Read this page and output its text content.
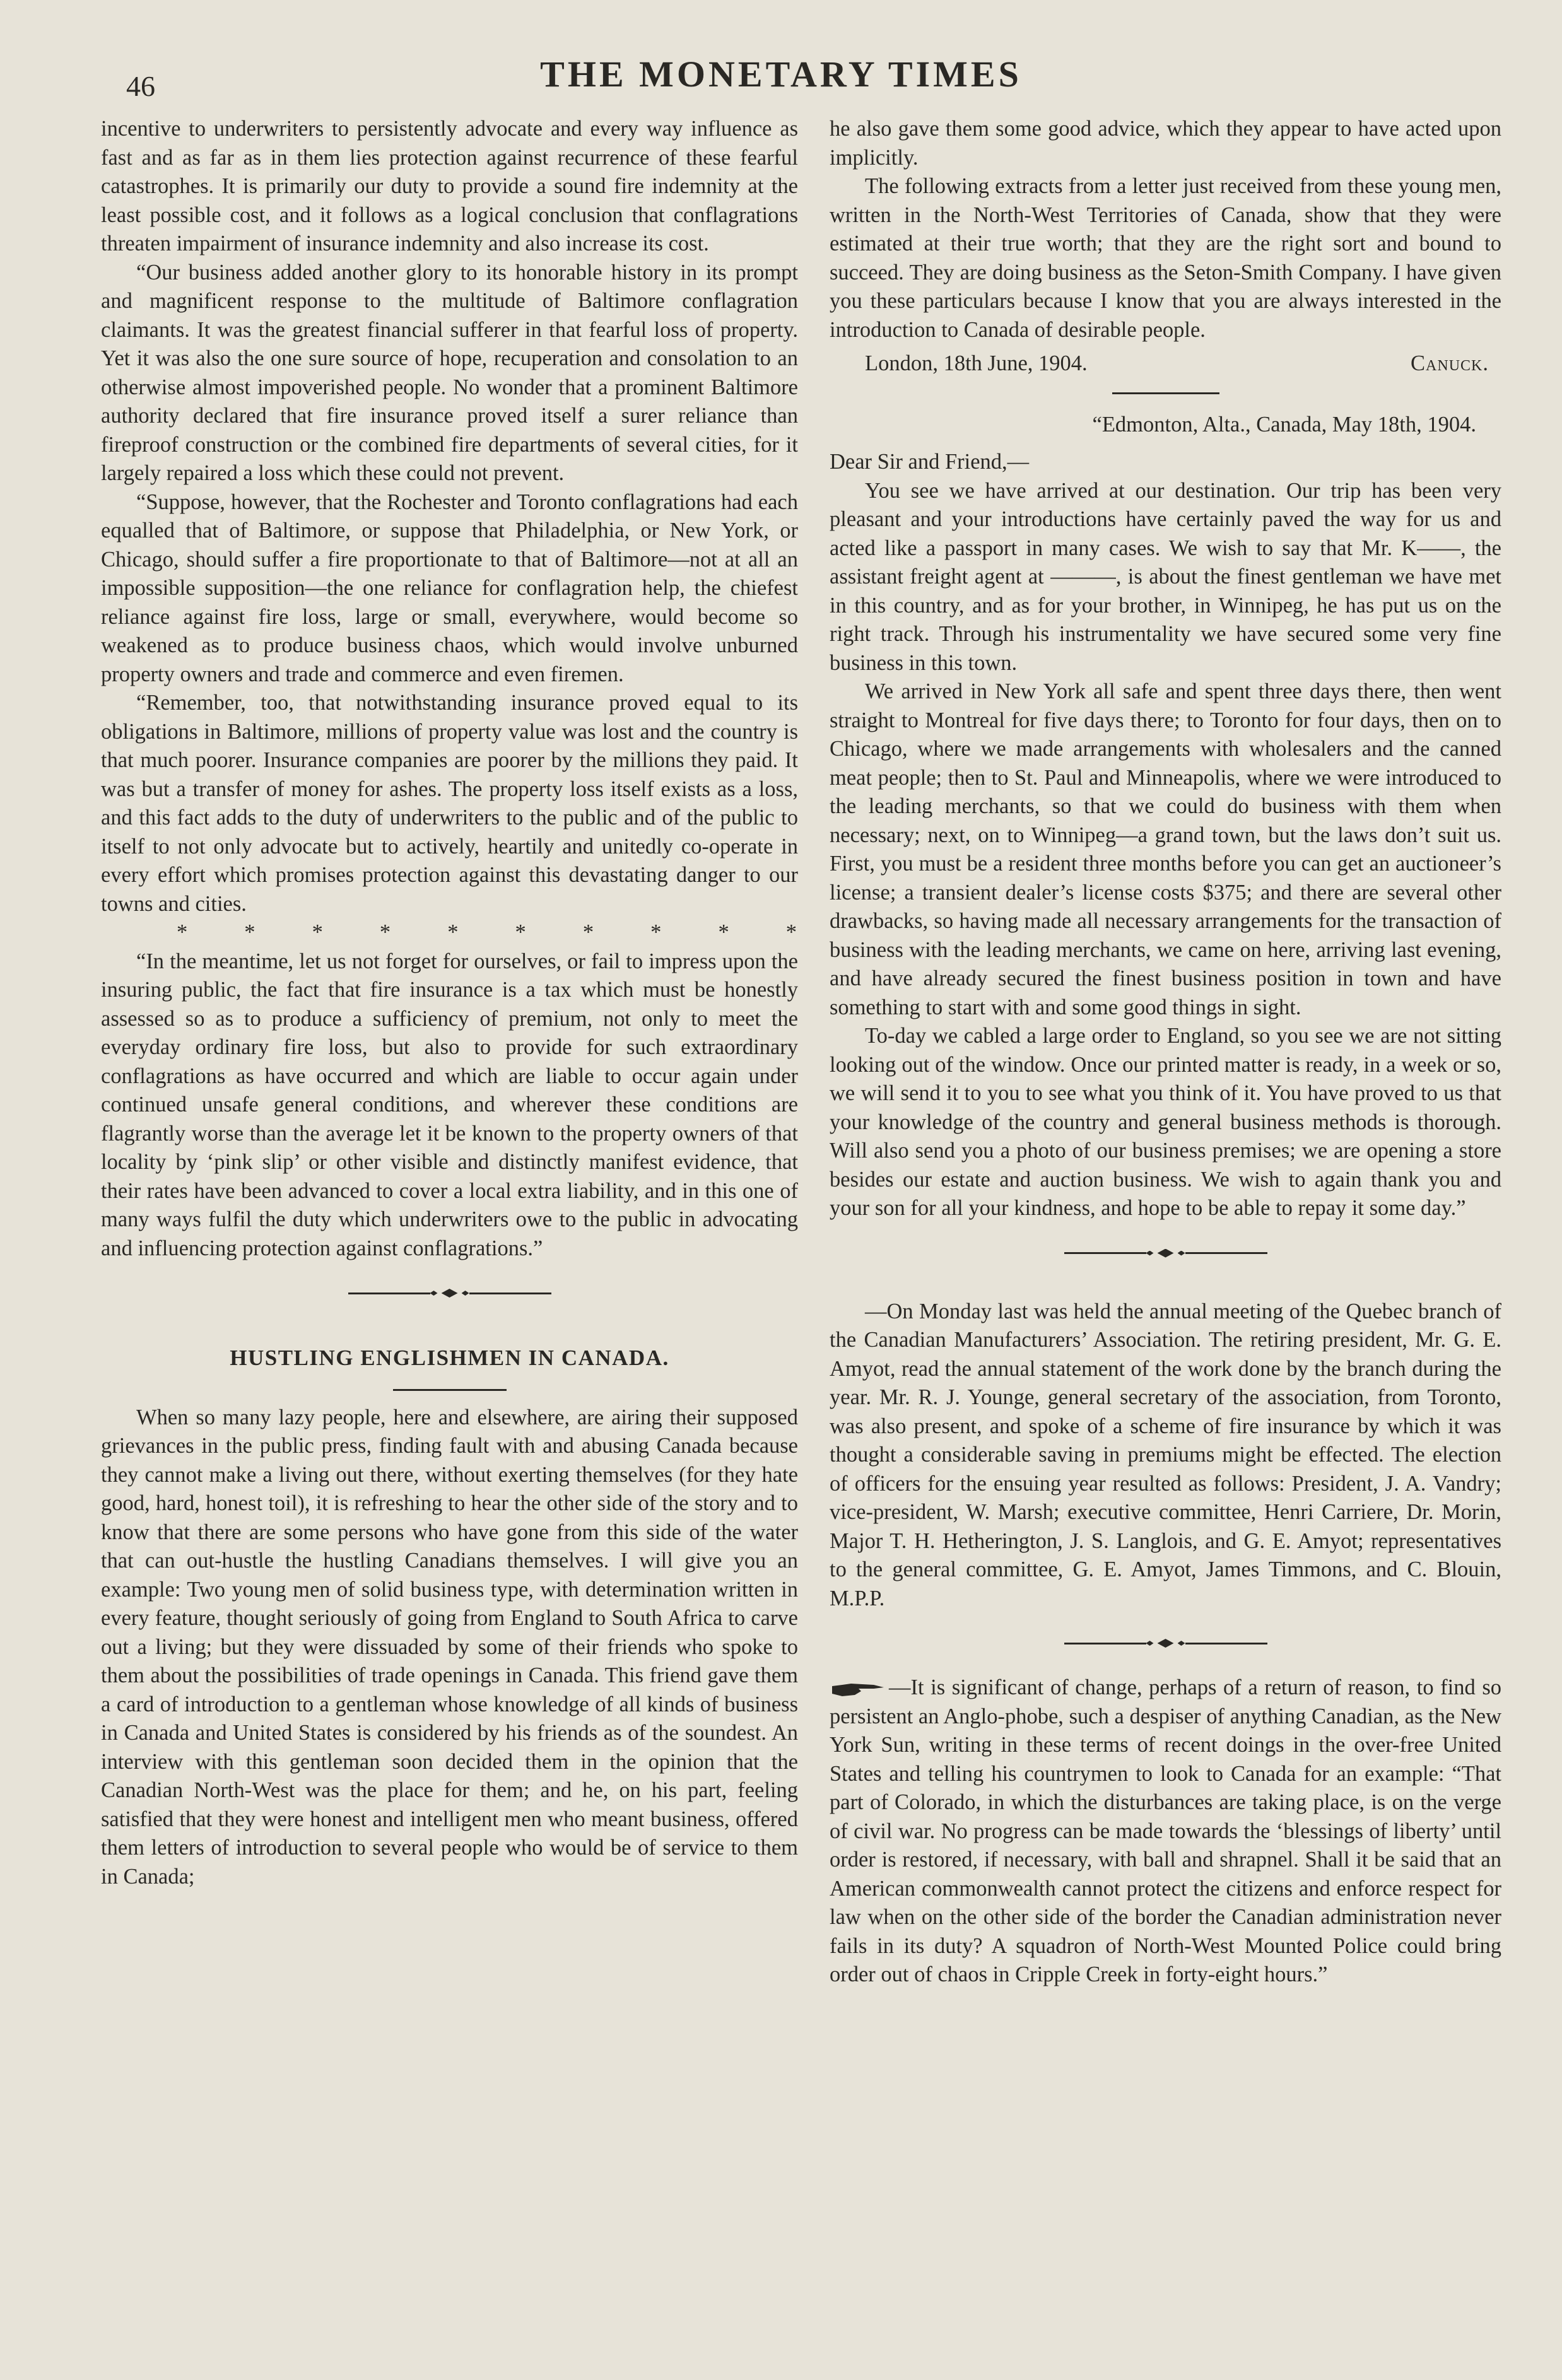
46	THE MONETARY TIMES

incentive to underwriters to persistently advocate and every way influence as fast and as far as in them lies protection against recurrence of these fearful catastrophes. It is primarily our duty to provide a sound fire indemnity at the least possible cost, and it follows as a logical conclusion that conflagrations threaten impairment of insurance indemnity and also increase its cost.

“Our business added another glory to its honorable history in its prompt and magnificent response to the multitude of Baltimore conflagration claimants. It was the greatest financial sufferer in that fearful loss of property. Yet it was also the one sure source of hope, recuperation and consolation to an otherwise almost impoverished people. No wonder that a prominent Baltimore authority declared that fire insurance proved itself a surer reliance than fireproof construction or the combined fire departments of several cities, for it largely repaired a loss which these could not prevent.

“Suppose, however, that the Rochester and Toronto conflagrations had each equalled that of Baltimore, or suppose that Philadelphia, or New York, or Chicago, should suffer a fire proportionate to that of Baltimore—not at all an impossible supposition—the one reliance for conflagration help, the chiefest reliance against fire loss, large or small, everywhere, would become so weakened as to produce business chaos, which would involve unburned property owners and trade and commerce and even firemen.

“Remember, too, that notwithstanding insurance proved equal to its obligations in Baltimore, millions of property value was lost and the country is that much poorer. Insurance companies are poorer by the millions they paid. It was but a transfer of money for ashes. The property loss itself exists as a loss, and this fact adds to the duty of underwriters to the public and of the public to itself to not only advocate but to actively, heartily and unitedly co-operate in every effort which promises protection against this devastating danger to our towns and cities.

* * * * * * * * * *

“In the meantime, let us not forget for ourselves, or fail to impress upon the insuring public, the fact that fire insurance is a tax which must be honestly assessed so as to produce a sufficiency of premium, not only to meet the everyday ordinary fire loss, but also to provide for such extraordinary conflagrations as have occurred and which are liable to occur again under continued unsafe general conditions, and wherever these conditions are flagrantly worse than the average let it be known to the property owners of that locality by ‘pink slip’ or other visible and distinctly manifest evidence, that their rates have been advanced to cover a local extra liability, and in this one of many ways fulfil the duty which underwriters owe to the public in advocating and influencing protection against conflagrations.”

HUSTLING ENGLISHMEN IN CANADA.

When so many lazy people, here and elsewhere, are airing their supposed grievances in the public press, finding fault with and abusing Canada because they cannot make a living out there, without exerting themselves (for they hate good, hard, honest toil), it is refreshing to hear the other side of the story and to know that there are some persons who have gone from this side of the water that can out-hustle the hustling Canadians themselves. I will give you an example: Two young men of solid business type, with determination written in every feature, thought seriously of going from England to South Africa to carve out a living; but they were dissuaded by some of their friends who spoke to them about the possibilities of trade openings in Canada. This friend gave them a card of introduction to a gentleman whose knowledge of all kinds of business in Canada and United States is considered by his friends as of the soundest. An interview with this gentleman soon decided them in the opinion that the Canadian North-West was the place for them; and he, on his part, feeling satisfied that they were honest and intelligent men who meant business, offered them letters of introduction to several people who would be of service to them in Canada;

he also gave them some good advice, which they appear to have acted upon implicitly.

The following extracts from a letter just received from these young men, written in the North-West Territories of Canada, show that they were estimated at their true worth; that they are the right sort and bound to succeed. They are doing business as the Seton-Smith Company. I have given you these particulars because I know that you are always interested in the introduction to Canada of desirable people.

London, 18th June, 1904.	Canuck.
“Edmonton, Alta., Canada, May 18th, 1904.

Dear Sir and Friend,—

You see we have arrived at our destination. Our trip has been very pleasant and your introductions have certainly paved the way for us and acted like a passport in many cases. We wish to say that Mr. K——, the assistant freight agent at ———, is about the finest gentleman we have met in this country, and as for your brother, in Winnipeg, he has put us on the right track. Through his instrumentality we have secured some very fine business in this town.

We arrived in New York all safe and spent three days there, then went straight to Montreal for five days there; to Toronto for four days, then on to Chicago, where we made arrangements with wholesalers and the canned meat people; then to St. Paul and Minneapolis, where we were introduced to the leading merchants, so that we could do business with them when necessary; next, on to Winnipeg—a grand town, but the laws don’t suit us. First, you must be a resident three months before you can get an auctioneer’s license; a transient dealer’s license costs $375; and there are several other drawbacks, so having made all necessary arrangements for the transaction of business with the leading merchants, we came on here, arriving last evening, and have already secured the finest business position in town and have something to start with and some good things in sight.

To-day we cabled a large order to England, so you see we are not sitting looking out of the window. Once our printed matter is ready, in a week or so, we will send it to you to see what you think of it. You have proved to us that your knowledge of the country and general business methods is thorough. Will also send you a photo of our business premises; we are opening a store besides our estate and auction business. We wish to again thank you and your son for all your kindness, and hope to be able to repay it some day.”

—On Monday last was held the annual meeting of the Quebec branch of the Canadian Manufacturers’ Association. The retiring president, Mr. G. E. Amyot, read the annual statement of the work done by the branch during the year. Mr. R. J. Younge, general secretary of the association, from Toronto, was also present, and spoke of a scheme of fire insurance by which it was thought a considerable saving in premiums might be effected. The election of officers for the ensuing year resulted as follows: President, J. A. Vandry; vice-president, W. Marsh; executive committee, Henri Carriere, Dr. Morin, Major T. H. Hetherington, J. S. Langlois, and G. E. Amyot; representatives to the general committee, G. E. Amyot, James Timmons, and C. Blouin, M.P.P.

—It is significant of change, perhaps of a return of reason, to find so persistent an Anglo-phobe, such a despiser of anything Canadian, as the New York Sun, writing in these terms of recent doings in the over-free United States and telling his countrymen to look to Canada for an example: “That part of Colorado, in which the disturbances are taking place, is on the verge of civil war. No progress can be made towards the ‘blessings of liberty’ until order is restored, if necessary, with ball and shrapnel. Shall it be said that an American commonwealth cannot protect the citizens and enforce respect for law when on the other side of the border the Canadian administration never fails in its duty? A squadron of North-West Mounted Police could bring order out of chaos in Cripple Creek in forty-eight hours.”
